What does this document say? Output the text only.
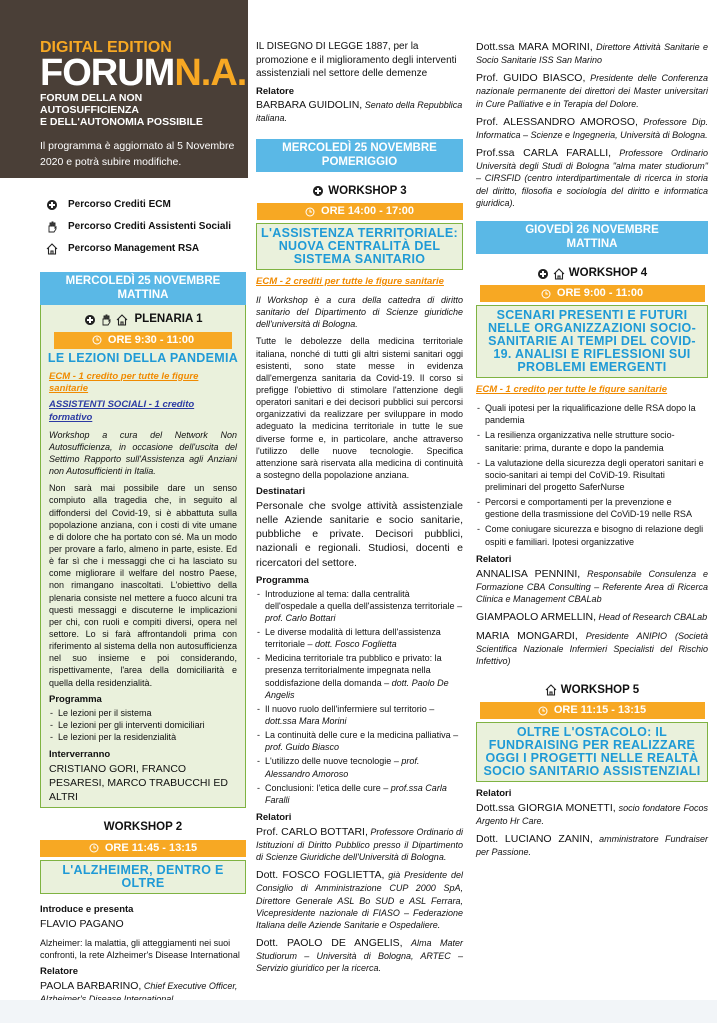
DIGITAL EDITION
FORUMN.A.
FORUM DELLA NON AUTOSUFFICIENZA
E DELL'AUTONOMIA POSSIBILE
Il programma è aggiornato al 5 Novembre
2020 e potrà subire modifiche.
Percorso Crediti ECM
Percorso Crediti Assistenti Sociali
Percorso Management RSA
MERCOLEDÌ 25 NOVEMBRE
MATTINA
PLENARIA 1
ORE 9:30 - 11:00
LE LEZIONI DELLA PANDEMIA
ECM - 1 credito per tutte le figure sanitarie
ASSISTENTI SOCIALI - 1 credito formativo

Workshop a cura del Network Non Autosufficienza, in occasione dell'uscita del Settimo Rapporto sull'Assistenza agli Anziani non Autosufficienti in Italia.

Non sarà mai possibile dare un senso compiuto alla tragedia che, in seguito al diffondersi del Covid-19, si è abbattuta sulla popolazione anziana, con i costi di vite umane e di dolore che ha portato con sé. Ma un modo per provare a farlo, almeno in parte, esiste. Ed è far sì che i messaggi che ci ha lasciato su come migliorare il welfare del nostro Paese, non rimangano inascoltati. L'obiettivo della plenaria consiste nel mettere a fuoco alcuni tra questi messaggi e discuterne le implicazioni per chi, con ruoli e compiti diversi, opera nel settore. Lo si farà affrontandoli prima con riferimento al sistema della non autosufficienza nel suo insieme e poi considerando, rispettivamente, l'area della domiciliarità e quella della residenzialità.

Programma
- Le lezioni per il sistema
- Le lezioni per gli interventi domiciliari
- Le lezioni per la residenzialità
Interverranno
CRISTIANO GORI, FRANCO PESARESI, MARCO TRABUCCHI ED ALTRI
WORKSHOP 2
ORE 11:45 - 13:15
L'ALZHEIMER, DENTRO E OLTRE
Introduce e presenta
FLAVIO PAGANO

Alzheimer: la malattia, gli atteggiamenti nei suoi confronti, la rete Alzheimer's Disease International

Relatore
PAOLA BARBARINO, Chief Executive Officer,

IL DISEGNO DI LEGGE 1887, per la promozione e il miglioramento degli interventi assistenziali nel settore delle demenze

Relatore
BARBARA GUIDOLIN, Senato della Repubblica italiana.
MERCOLEDÌ 25 NOVEMBRE
POMERIGGIO
WORKSHOP 3
ORE 14:00 - 17:00
L'ASSISTENZA TERRITORIALE: NUOVA CENTRALITÀ DEL SISTEMA SANITARIO
ECM - 2 crediti per tutte le figure sanitarie

Il Workshop è a cura della cattedra di diritto sanitario del Dipartimento di Scienze giuridiche dell'università di Bologna.

Tutte le debolezze della medicina territoriale italiana, nonché di tutti gli altri sistemi sanitari oggi esistenti, sono state messe in evidenza dall'emergenza sanitaria da Covid-19. Il corso si prefigge l'obiettivo di stimolare l'attenzione degli operatori sanitari e dei decisori pubblici sui percorsi organizzativi da realizzare per sviluppare in modo adeguato la medicina territoriale in tutte le sue diverse forme e, in particolare, anche attraverso l'utilizzo delle nuove tecnologie. Specifica attenzione sarà riservata alla medicina di continuità a sostegno della popolazione anziana.

Destinatari

Personale che svolge attività assistenziale nelle Aziende sanitarie e socio sanitarie, pubbliche e private. Decisori pubblici, nazionali e regionali. Studiosi, docenti e ricercatori del settore.

Programma
- Introduzione al tema: dalla centralità dell'ospedale a quella dell'assistenza territoriale – prof. Carlo Bottari
- Le diverse modalità di lettura dell'assistenza territoriale – dott. Fosco Foglietta
- Medicina territoriale tra pubblico e privato: la presenza territorialmente impegnata nella soddisfazione della domanda – dott. Paolo De Angelis
- Il nuovo ruolo dell'infermiere sul territorio – dott.ssa Mara Morini
- La continuità delle cure e la medicina palliativa – prof. Guido Biasco
- L'utilizzo delle nuove tecnologie – prof. Alessandro Amoroso
- Conclusioni: l'etica delle cure – prof.ssa Carla Faralli
Relatori

Prof. CARLO BOTTARI, Professore Ordinario di Istituzioni di Diritto Pubblico presso il Dipartimento di Scienze Giuridiche dell'Università di Bologna.

Dott. FOSCO FOGLIETTA, già Presidente del Consiglio di Amministrazione CUP 2000 SpA, Direttore Generale ASL Bo SUD e ASL Ferrara, Vicepresidente nazionale di FIASO – Federazione Italiana delle Aziende Sanitarie e Ospedaliere.

Dott. PAOLO DE ANGELIS, Alma Mater Studiorum – Università di Bologna, ARTEC – Servizio giuridico per la ricerca.

Dott.ssa MARA MORINI, Direttore Attività Sanitarie e Socio Sanitarie ISS San Marino

Prof. GUIDO BIASCO, Presidente delle Conferenza nazionale permanente dei direttori dei Master universitari in Cure Palliative e in Terapia del Dolore.

Prof. ALESSANDRO AMOROSO, Professore Dip. Informatica – Scienze e Ingegneria, Università di Bologna.

Prof.ssa CARLA FARALLI, Professore Ordinario Università degli Studi di Bologna "alma mater studiorum" – CIRSFID (centro interdipartimentale di ricerca in storia del diritto, filosofia e sociologia del diritto e informatica giuridica).

GIOVEDÌ 26 NOVEMBRE
MATTINA
WORKSHOP 4
ORE 9:00 - 11:00
SCENARI PRESENTI E FUTURI NELLE ORGANIZZAZIONI SOCIO-SANITARIE AI TEMPI DEL COVID-19. ANALISI E RIFLESSIONI SUI PROBLEMI EMERGENTI
ECM - 1 credito per tutte le figure sanitarie
- Quali ipotesi per la riqualificazione delle RSA dopo la pandemia
- La resilienza organizzativa nelle strutture socio-sanitarie: prima, durante e dopo la pandemia
- La valutazione della sicurezza degli operatori sanitari e socio-sanitari ai tempi del CoViD-19. Risultati preliminari del progetto SaferNurse
- Percorsi e comportamenti per la prevenzione e gestione della trasmissione del CoViD-19 nelle RSA
- Come coniugare sicurezza e bisogno di relazione degli ospiti e familiari. Ipotesi organizzative
Relatori

ANNALISA PENNINI, Responsabile Consulenza e Formazione CBA Consulting – Referente Area di Ricerca Clinica e Management CBALab

GIAMPAOLO ARMELLIN, Head of Research CBALab

MARIA MONGARDI, Presidente ANIPIO (Società Scientifica Nazionale Infermieri Specialisti del Rischio Infettivo)

WORKSHOP 5
ORE 11:15 - 13:15
OLTRE L'OSTACOLO: IL FUNDRAISING PER REALIZZARE OGGI I PROGETTI NELLE REALTÀ SOCIO SANITARIO ASSISTENZIALI
Relatori

Dott.ssa GIORGIA MONETTI, socio fondatore Focos Argento Hr Care.

Dott. LUCIANO ZANIN, amministratore Fundraiser per Passione.
